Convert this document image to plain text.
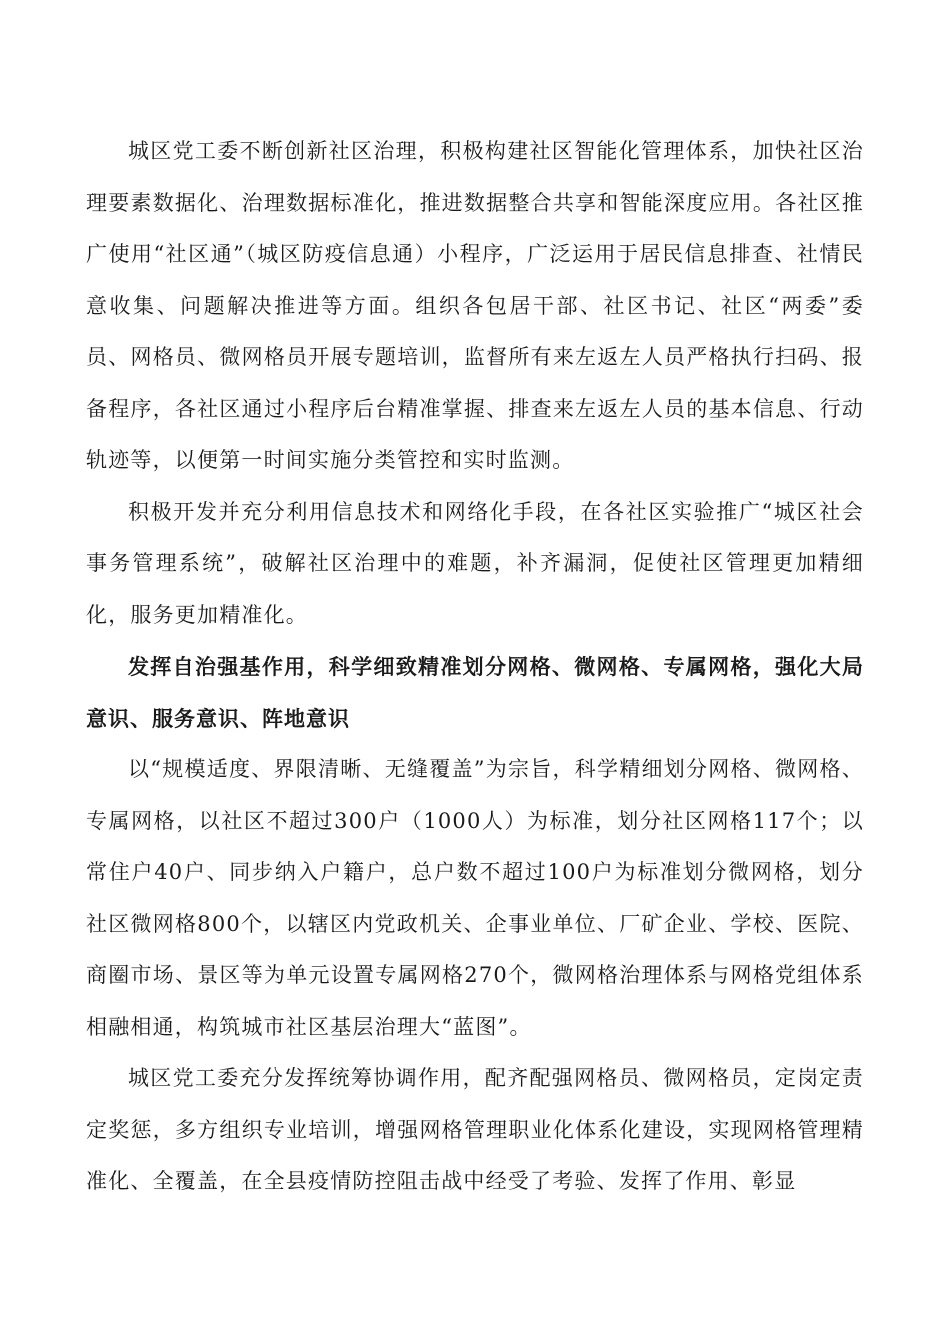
城区党工委不断创新社区治理，积极构建社区智能化管理体系，加快社区治理要素数据化、治理数据标准化，推进数据整合共享和智能深度应用。各社区推广使用“社区通”（城区防疫信息通）小程序，广泛运用于居民信息排查、社情民意收集、问题解决推进等方面。组织各包居干部、社区书记、社区“两委”委员、网格员、微网格员开展专题培训，监督所有来左返左人员严格执行扫码、报备程序，各社区通过小程序后台精准掌握、排查来左返左人员的基本信息、行动轨迹等，以便第一时间实施分类管控和实时监测。

积极开发并充分利用信息技术和网络化手段，在各社区实验推广“城区社会事务管理系统”，破解社区治理中的难题，补齐漏洞，促使社区管理更加精细化，服务更加精准化。

发挥自治强基作用，科学细致精准划分网格、微网格、专属网格，强化大局意识、服务意识、阵地意识

以“规模适度、界限清晰、无缝覆盖”为宗旨，科学精细划分网格、微网格、专属网格，以社区不超过300户（1000人）为标准，划分社区网格117个；以常住户40户、同步纳入户籍户，总户数不超过100户为标准划分微网格，划分社区微网格800个，以辖区内党政机关、企事业单位、厂矿企业、学校、医院、商圈市场、景区等为单元设置专属网格270个，微网格治理体系与网格党组体系相融相通，构筑城市社区基层治理大“蓝图”。

城区党工委充分发挥统筹协调作用，配齐配强网格员、微网格员，定岗定责定奖惩，多方组织专业培训，增强网格管理职业化体系化建设，实现网格管理精准化、全覆盖，在全县疫情防控阻击战中经受了考验、发挥了作用、彰显
